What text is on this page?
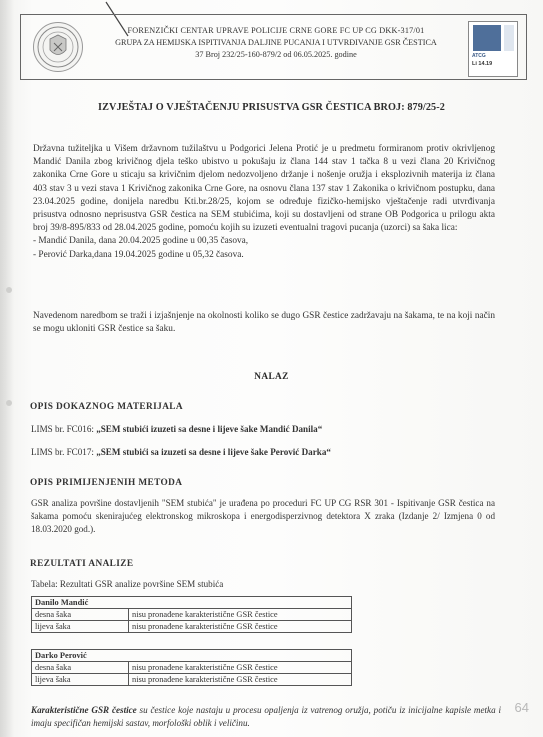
FORENZIČKI CENTAR UPRAVE POLICIJE CRNE GORE FC UP CG DKK-317/01
GRUPA ZA HEMIJSKA ISPITIVANJA DALJINE PUCANJA I UTVRĐIVANJE GSR ČESTICA
37 Broj 232/25-160-879/2 od 06.05.2025. godine	ATCG
Li 14.19
IZVJEŠTAJ O VJEŠTAČENJU PRISUSTVA GSR ČESTICA BROJ: 879/25-2

Državna tužiteljka u Višem državnom tužilaštvu u Podgorici Jelena Protić je u predmetu formiranom protiv okrivljenog Mandić Danila zbog krivičnog djela teško ubistvo u pokušaju iz člana 144 stav 1 tačka 8 u vezi člana 20 Krivičnog zakonika Crne Gore u sticaju sa krivičnim djelom nedozvoljeno držanje i nošenje oružja i eksplozivnih materija iz člana 403 stav 3 u vezi stava 1 Krivičnog zakonika Crne Gore, na osnovu člana 137 stav 1 Zakonika o krivičnom postupku, dana 23.04.2025 godine, donijela naredbu Kti.br.28/25, kojom se određuje fizičko-hemijsko vještačenje radi utvrđivanja prisustva odnosno neprisustva GSR čestica na SEM stubićima, koji su dostavljeni od strane OB Podgorica u prilogu akta broj 39/8-895/833 od 28.04.2025 godine, pomoću kojih su izuzeti eventualni tragovi pucanja (uzorci) sa šaka lica:

- Mandić Danila, dana 20.04.2025 godine u 00,35 časova,

- Perović Darka,dana 19.04.2025 godine u 05,32 časova.

Navedenom naredbom se traži i izjašnjenje na okolnosti koliko se dugo GSR čestice zadržavaju na šakama, te na koji način se mogu ukloniti GSR čestice sa šaku.
NALAZ
OPIS DOKAZNOG MATERIJALA
LIMS br. FC016: „SEM stubići izuzeti sa desne i lijeve šake Mandić Danila“
LIMS br. FC017: „SEM stubići sa izuzeti sa desne i lijeve šake Perović Darka“
OPIS PRIMIJENJENIH METODA
GSR analiza površine dostavljenih "SEM stubića" je urađena po proceduri FC UP CG RSR 301 - Ispitivanje GSR čestica na šakama pomoću skenirajućeg elektronskog mikroskopa i energodisperzivnog detektora X zraka (Izdanje 2/ Izmjena 0 od 18.03.2020 god.).
REZULTATI ANALIZE
Tabela: Rezultati GSR analize površine SEM stubića
Danilo Mandić	
desna šaka	nisu pronađene karakteristične GSR čestice
lijeva šaka	nisu pronađene karakteristične GSR čestice
Darko Perović	
desna šaka	nisu pronađene karakteristične GSR čestice
lijeva šaka	nisu pronađene karakteristične GSR čestice
Karakteristične GSR čestice su čestice koje nastaju u procesu opaljenja iz vatrenog oružja, potiču iz inicijalne kapisle metka i imaju specifičan hemijski sastav, morfološki oblik i veličinu.
64
